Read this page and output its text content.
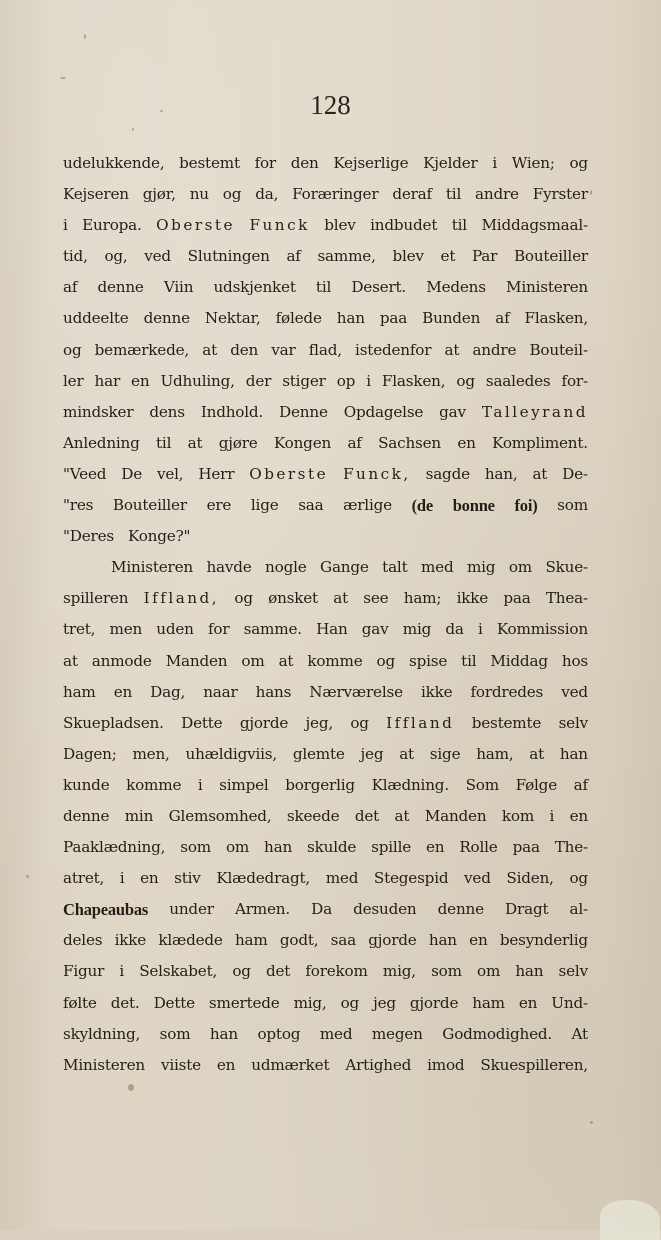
128
udelukkende, bestemt for den Kejserlige Kjelder i Wien; og
Kejseren gjør, nu og da, Foræringer deraf til andre Fyrster
i Europa. Oberste Funck blev indbudet til Middagsmaal-
tid, og, ved Slutningen af samme, blev et Par Bouteiller
af denne Viin udskjenket til Desert. Medens Ministeren
uddeelte denne Nektar, følede han paa Bunden af Flasken,
og bemærkede, at den var flad, istedenfor at andre Bouteil-
ler har en Udhuling, der stiger op i Flasken, og saaledes for-
mindsker dens Indhold. Denne Opdagelse gav Talleyrand
Anledning til at gjøre Kongen af Sachsen en Kompliment.
"Veed De vel, Herr Oberste Funck, sagde han, at De-
"res Bouteiller ere lige saa ærlige (de bonne foi) som
"Deres Konge?"
Ministeren havde nogle Gange talt med mig om Skue-
spilleren Iffland, og ønsket at see ham; ikke paa Thea-
tret, men uden for samme. Han gav mig da i Kommission
at anmode Manden om at komme og spise til Middag hos
ham en Dag, naar hans Nærværelse ikke fordredes ved
Skuepladsen. Dette gjorde jeg, og Iffland bestemte selv
Dagen; men, uhældigviis, glemte jeg at sige ham, at han
kunde komme i simpel borgerlig Klædning. Som Følge af
denne min Glemsomhed, skeede det at Manden kom i en
Paaklædning, som om han skulde spille en Rolle paa The-
atret, i en stiv Klædedragt, med Stegespid ved Siden, og
Chapeaubas under Armen. Da desuden denne Dragt al-
deles ikke klædede ham godt, saa gjorde han en besynderlig
Figur i Selskabet, og det forekom mig, som om han selv
følte det. Dette smertede mig, og jeg gjorde ham en Und-
skyldning, som han optog med megen Godmodighed. At
Ministeren viiste en udmærket Artighed imod Skuespilleren,
